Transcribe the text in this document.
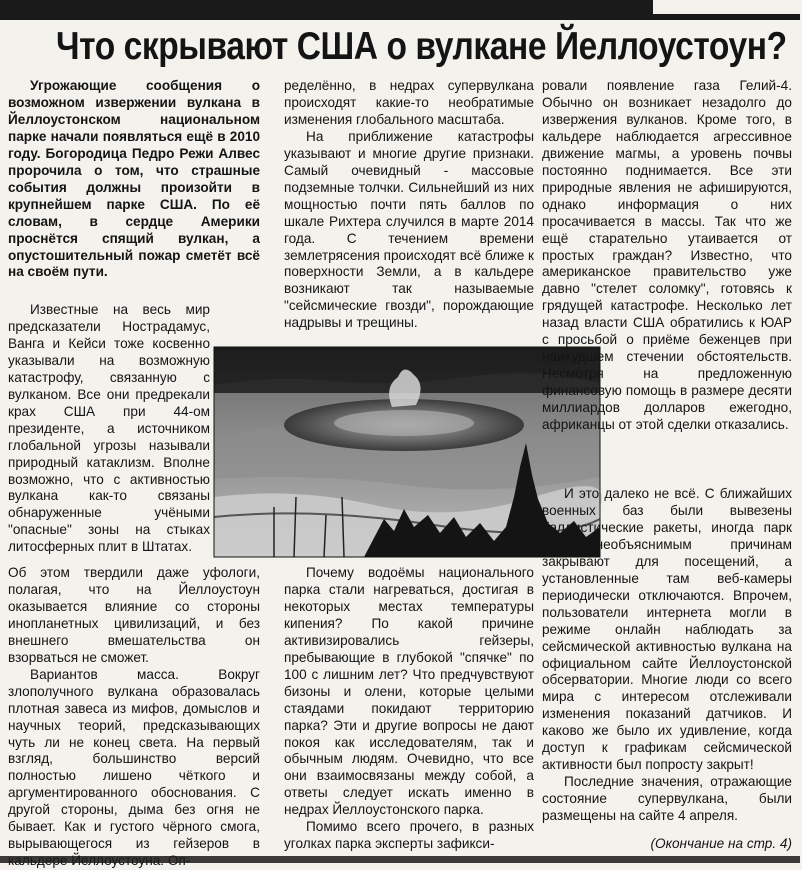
Что скрывают США о вулкане Йеллоустоун?

Угрожающие сообщения о возможном извержении вулкана в Йеллоустонском национальном парке начали появляться ещё в 2010 году. Богородица Педро Режи Алвес пророчила о том, что страшные события должны произойти в крупнейшем парке США. По её словам, в сердце Америки проснётся спящий вулкан, а опустошительный пожар сметёт всё на своём пути.

Известные на весь мир предсказатели Нострадамус, Ванга и Кейси тоже косвенно указывали на возможную катастрофу, связанную с вулканом. Все они предрекали крах США при 44-ом президенте, а источником глобальной угрозы называли природный катаклизм. Вполне возможно, что с активностью вулкана как-то связаны обнаруженные учёными "опасные" зоны на стыках литосферных плит в Штатах.

Об этом твердили даже уфологи, полагая, что на Йеллоустоун оказывается влияние со стороны инопланетных цивилизаций, и без внешнего вмешательства он взорваться не сможет.

Вариантов масса. Вокруг злополучного вулкана образовалась плотная завеса из мифов, домыслов и научных теорий, предсказывающих чуть ли не конец света. На первый взгляд, большинство версий полностью лишено чёткого и аргументированного обоснования. С другой стороны, дыма без огня не бывает. Как и густого чёрного смога, вырывающегося из гейзеров в

ределённо, в недрах супервулкана происходят какие-то необратимые изменения глобального масштаба.

На приближение катастрофы указывают и многие другие признаки. Самый очевидный - массовые подземные толчки. Сильнейший из них мощностью почти пять баллов по шкале Рихтера случился в марте 2014 года. С течением времени землетрясения происходят всё ближе к поверхности Земли, а в кальдере возникают так называемые "сейсмические гвозди", порождающие надрывы и трещины.

Почему водоёмы национального парка стали нагреваться, достигая в некоторых местах температуры кипения? По какой причине активизировались гейзеры, пребывающие в глубокой "спячке" по 100 с лишним лет? Что предчувствуют бизоны и олени, которые целыми стаядами покидают территорию парка? Эти и другие вопросы не дают покоя как исследователям, так и обычным людям. Очевидно, что все они взаимосвязаны между собой, а ответы следует искать именно в недрах Йеллоустонского парка.

Помимо всего прочего, в разных уголках парка эксперты зафикси-

ровали появление газа Гелий-4. Обычно он возникает незадолго до извержения вулканов. Кроме того, в кальдере наблюдается агрессивное движение магмы, а уровень почвы постоянно поднимается. Все эти природные явления не афишируются, однако информация о них просачивается в массы. Так что же ещё старательно утаивается от простых граждан? Известно, что американское правительство уже давно "стелет соломку", готовясь к грядущей катастрофе. Несколько лет назад власти США обратились к ЮАР с просьбой о приёме беженцев при наихудшем стечении обстоятельств. Несмотря на предложенную финансовую помощь в размере десяти миллиардов долларов ежегодно, африканцы от этой сделки отказались.

И это далеко не всё. С ближайших военных баз были вывезены баллистические ракеты, иногда парк по необъяснимым причинам закрывают для посещений, а установленные там веб-камеры периодически отключаются. Впрочем, пользователи интернета могли в режиме онлайн наблюдать за сейсмической активностью вулкана на официальном сайте Йеллоустонской обсерватории. Многие люди со всего мира с интересом отслеживали изменения показаний датчиков. И каково же было их удивление, когда доступ к графикам сейсмической активности был попросту закрыт!

Последние значения, отражающие состояние супервулкана, были размещены на сайте 4 апреля.

(Окончание на стр. 4)
